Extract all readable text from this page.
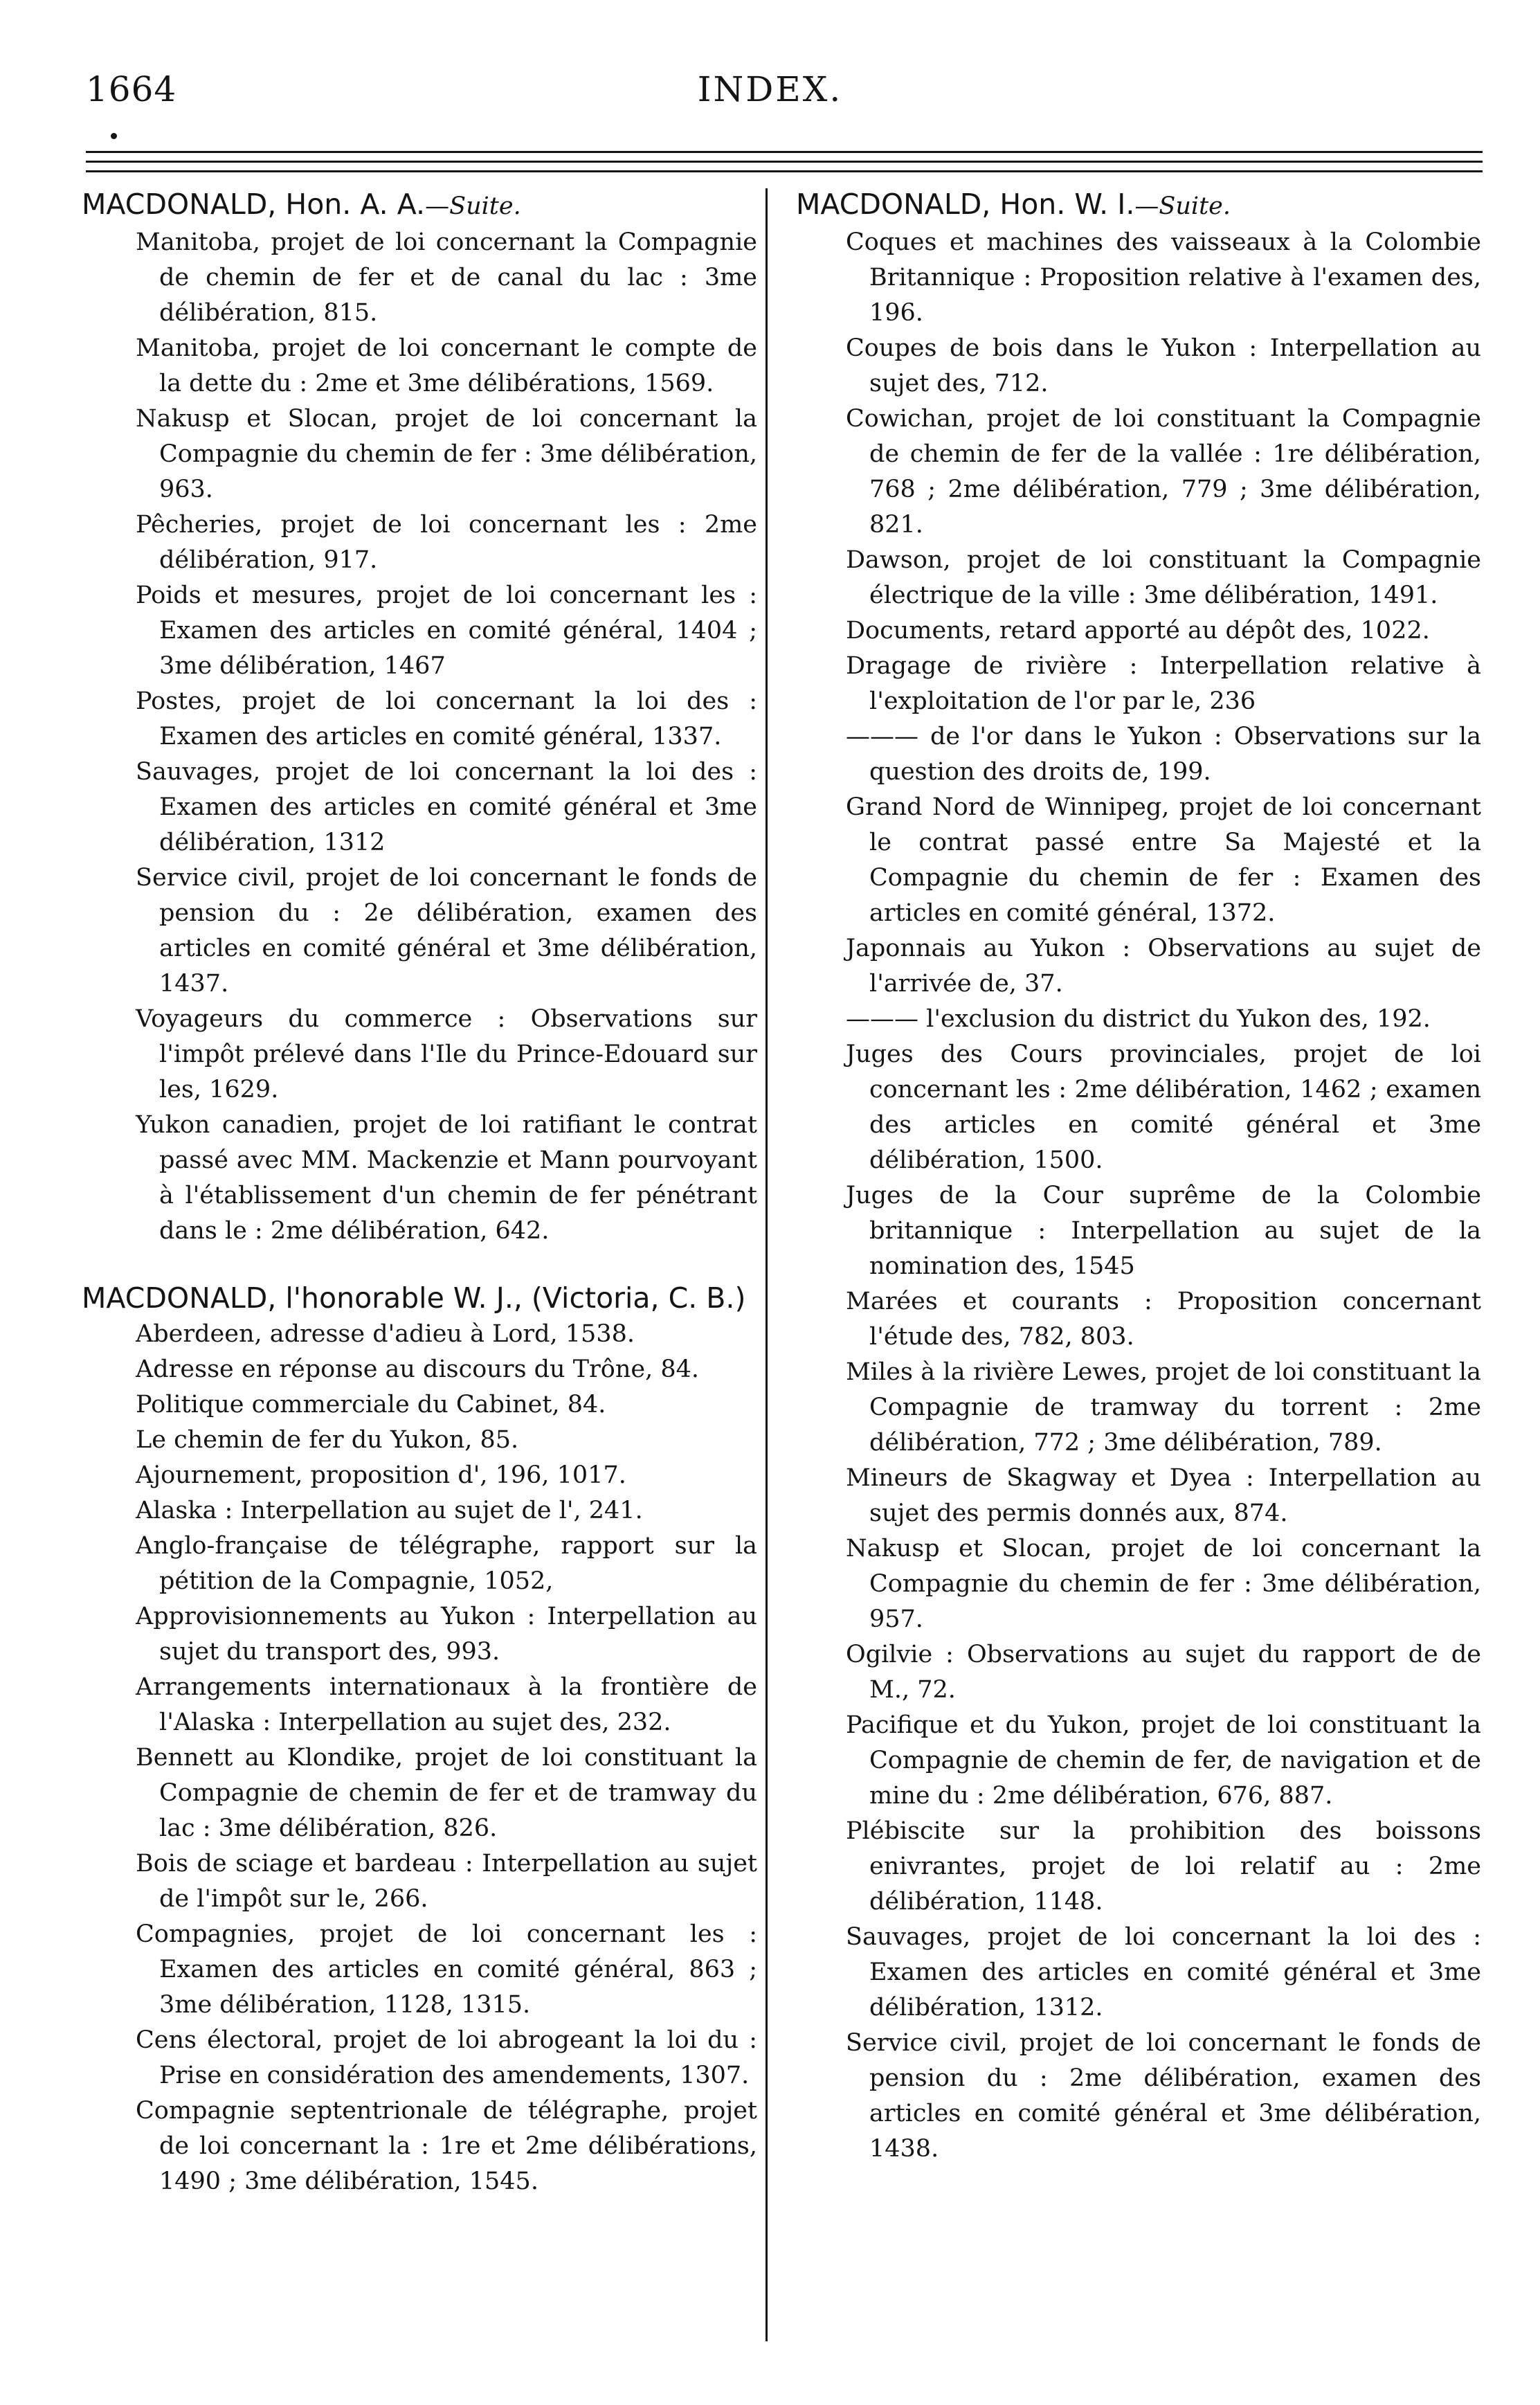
INDEX.
1664
MACDONALD, Hon. A. A. — Suite.
Manitoba, projet de loi concernant la Compagnie de chemin de fer et de canal du lac : 3me délibération, 815.
Manitoba, projet de loi concernant le compte de la dette du : 2me et 3me délibérations, 1569.
Nakusp et Slocan, projet de loi concernant la Compagnie du chemin de fer : 3me délibération, 963.
Pêcheries, projet de loi concernant les : 2me délibération, 917.
Poids et mesures, projet de loi concernant les : Examen des articles en comité général, 1404 ; 3me délibération, 1467
Postes, projet de loi concernant la loi des : Examen des articles en comité général, 1337.
Sauvages, projet de loi concernant la loi des : Examen des articles en comité général et 3me délibération, 1312
Service civil, projet de loi concernant le fonds de pension du : 2e délibération, examen des articles en comité général et 3me délibération, 1437.
Voyageurs du commerce : Observations sur l'impôt prélevé dans l'Ile du Prince-Edouard sur les, 1629.
Yukon canadien, projet de loi ratifiant le contrat passé avec MM. Mackenzie et Mann pourvoyant à l'établissement d'un chemin de fer pénétrant dans le : 2me délibération, 642.
MACDONALD, l'honorable W. J., (Victoria, C. B.)
Aberdeen, adresse d'adieu à Lord, 1538.
Adresse en réponse au discours du Trône, 84.
Politique commerciale du Cabinet, 84.
Le chemin de fer du Yukon, 85.
Ajournement, proposition d', 196, 1017.
Alaska : Interpellation au sujet de l', 241.
Anglo-française de télégraphe, rapport sur la pétition de la Compagnie, 1052,
Approvisionnements au Yukon : Interpellation au sujet du transport des, 993.
Arrangements internationaux à la frontière de l'Alaska : Interpellation au sujet des, 232.
Bennett au Klondike, projet de loi constituant la Compagnie de chemin de fer et de tramway du lac : 3me délibération, 826.
Bois de sciage et bardeau : Interpellation au sujet de l'impôt sur le, 266.
Compagnies, projet de loi concernant les : Examen des articles en comité général, 863 ; 3me délibération, 1128, 1315.
Cens électoral, projet de loi abrogeant la loi du : Prise en considération des amendements, 1307.
Compagnie septentrionale de télégraphe, projet de loi concernant la : 1re et 2me délibérations, 1490 ; 3me délibération, 1545.
MACDONALD, Hon. W. I. — Suite.
Coques et machines des vaisseaux à la Colombie Britannique : Proposition relative à l'examen des, 196.
Coupes de bois dans le Yukon : Interpellation au sujet des, 712.
Cowichan, projet de loi constituant la Compagnie de chemin de fer de la vallée : 1re délibération, 768 ; 2me délibération, 779 ; 3me délibération, 821.
Dawson, projet de loi constituant la Compagnie électrique de la ville : 3me délibération, 1491.
Documents, retard apporté au dépôt des, 1022.
Dragage de rivière : Interpellation relative à l'exploitation de l'or par le, 236
——— de l'or dans le Yukon : Observations sur la question des droits de, 199.
Grand Nord de Winnipeg, projet de loi concernant le contrat passé entre Sa Majesté et la Compagnie du chemin de fer : Examen des articles en comité général, 1372.
Japonnais au Yukon : Observations au sujet de l'arrivée de, 37.
——— l'exclusion du district du Yukon des, 192.
Juges des Cours provinciales, projet de loi concernant les : 2me délibération, 1462 ; examen des articles en comité général et 3me délibération, 1500.
Juges de la Cour suprême de la Colombie britannique : Interpellation au sujet de la nomination des, 1545
Marées et courants : Proposition concernant l'étude des, 782, 803.
Miles à la rivière Lewes, projet de loi constituant la Compagnie de tramway du torrent : 2me délibération, 772 ; 3me délibération, 789.
Mineurs de Skagway et Dyea : Interpellation au sujet des permis donnés aux, 874.
Nakusp et Slocan, projet de loi concernant la Compagnie du chemin de fer : 3me délibération, 957.
Ogilvie : Observations au sujet du rapport de de M., 72.
Pacifique et du Yukon, projet de loi constituant la Compagnie de chemin de fer, de navigation et de mine du : 2me délibération, 676, 887.
Plébiscite sur la prohibition des boissons enivrantes, projet de loi relatif au : 2me délibération, 1148.
Sauvages, projet de loi concernant la loi des : Examen des articles en comité général et 3me délibération, 1312.
Service civil, projet de loi concernant le fonds de pension du : 2me délibération, examen des articles en comité général et 3me délibération, 1438.
